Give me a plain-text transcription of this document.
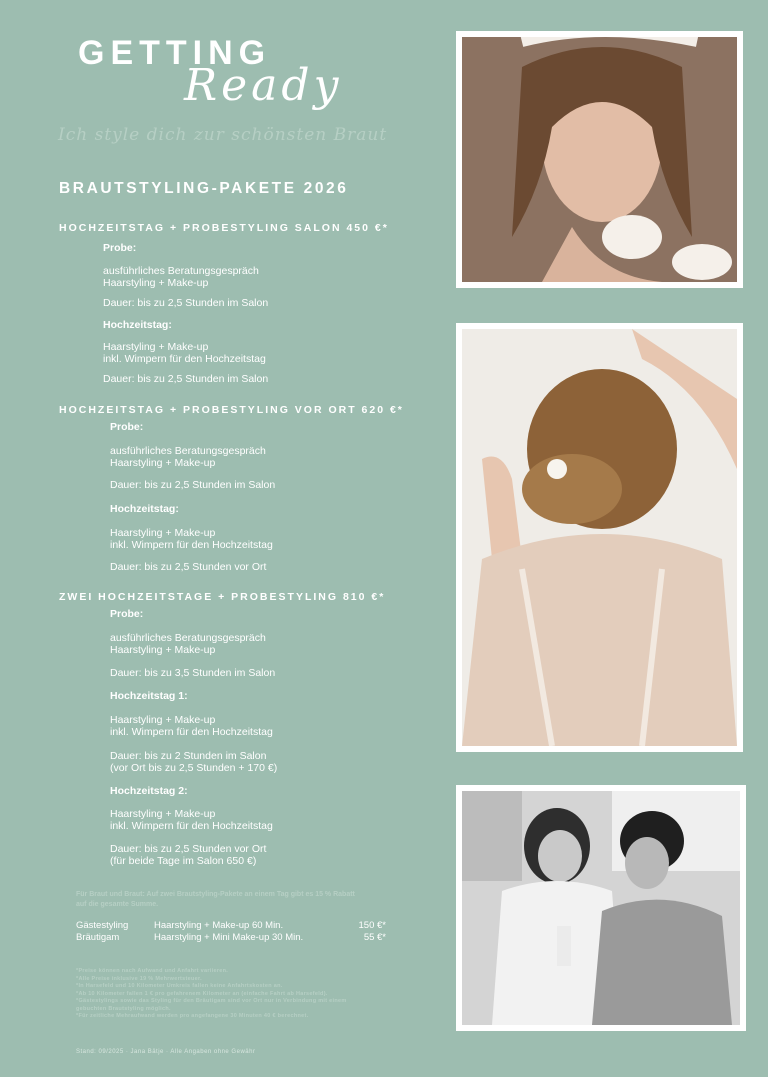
GETTING
Ready
Ich style dich zur schönsten Braut
BRAUTSTYLING-PAKETE 2026
HOCHZEITSTAG + PROBESTYLING SALON 450 €*
Probe:
ausführliches Beratungsgespräch
Haarstyling + Make-up
Dauer: bis zu 2,5 Stunden im Salon
Hochzeitstag:
Haarstyling + Make-up
inkl. Wimpern für den Hochzeitstag
Dauer: bis zu 2,5 Stunden im Salon
HOCHZEITSTAG + PROBESTYLING VOR ORT 620 €*
Probe:
ausführliches Beratungsgespräch
Haarstyling + Make-up
Dauer: bis zu 2,5 Stunden im Salon
Hochzeitstag:
Haarstyling + Make-up
inkl. Wimpern für den Hochzeitstag
Dauer: bis zu 2,5 Stunden vor Ort
ZWEI HOCHZEITSTAGE + PROBESTYLING 810 €*
Probe:
ausführliches Beratungsgespräch
Haarstyling + Make-up
Dauer: bis zu 3,5 Stunden im Salon
Hochzeitstag 1:
Haarstyling + Make-up
inkl. Wimpern für den Hochzeitstag
Dauer: bis zu 2 Stunden im Salon
(vor Ort bis zu 2,5 Stunden + 170 €)
Hochzeitstag 2:
Haarstyling + Make-up
inkl. Wimpern für den Hochzeitstag
Dauer: bis zu 2,5 Stunden vor Ort
(für beide Tage im Salon 650 €)
Für Braut und Braut: Auf zwei Brautstyling-Pakete an einem Tag gibt es 15 % Rabatt
auf die gesamte Summe.
Gästestyling	Haarstyling + Make-up 60 Min.	150 €*
Bräutigam	Haarstyling + Mini Make-up 30 Min.	55 €*
*Preise können nach Aufwand und Anfahrt variieren.
*Alle Preise inklusive 19 % Mehrwertsteuer.
*In Harsefeld und 10 Kilometer Umkreis fallen keine Anfahrtskosten an.
*Ab 10 Kilometer fallen 1 € pro gefahrenem Kilometer an (einfache Fahrt ab Harsefeld).
*Gästestylings sowie das Styling für den Bräutigam sind vor Ort nur in Verbindung mit einem
gebuchten Brautstyling möglich.
*Für zeitliche Mehraufwand werden pro angefangene 30 Minuten 40 € berechnet.
Stand: 09/2025 · Jana Bätje · Alle Angaben ohne Gewähr
